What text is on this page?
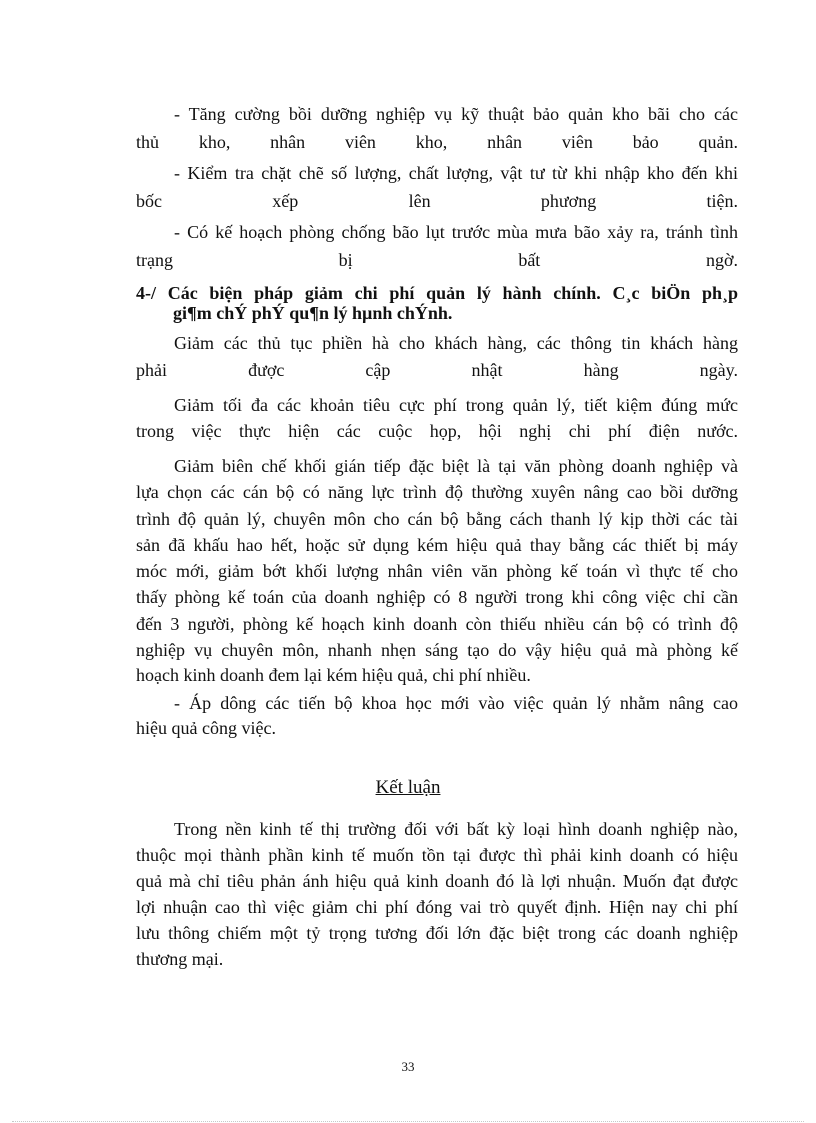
- Tăng cường bồi dưỡng nghiệp vụ kỹ thuật bảo quản kho bãi cho các
thủ kho, nhân viên kho, nhân viên bảo quản.
- Kiểm tra chặt chẽ số lượng, chất lượng, vật tư từ khi nhập kho đến khi
bốc xếp lên phương tiện.
- Có kế hoạch phòng chống bão lụt trước mùa mưa bão xảy ra, tránh tình
trạng bị bất ngờ.
4-/ Các biện pháp giảm chi phí quản lý hành chính. C¸c biÖn ph¸p
gi¶m chÝ phÝ qu¶n lý hµnh chÝnh.
Giảm các thủ tục phiền hà cho khách hàng, các thông tin khách hàng
phải được cập nhật hàng ngày.
Giảm tối đa các khoản tiêu cực phí trong quản lý, tiết kiệm đúng mức
trong việc thực hiện các cuộc họp, hội nghị chi phí điện nước.
Giảm biên chế khối gián tiếp đặc biệt là tại văn phòng doanh nghiệp và
lựa chọn các cán bộ có năng lực trình độ thường xuyên nâng cao bồi dưỡng
trình độ quản lý, chuyên môn cho cán bộ bằng cách thanh lý kịp thời các tài
sản đã khấu hao hết, hoặc sử dụng kém hiệu quả thay bằng các thiết bị máy
móc mới, giảm bớt khối lượng nhân viên văn phòng kế toán vì thực tế cho
thấy phòng kế toán của doanh nghiệp có 8 người trong khi công việc chỉ cần
đến 3 người, phòng kế hoạch kinh doanh còn thiếu nhiều cán bộ có trình độ
nghiệp vụ chuyên môn, nhanh nhẹn sáng tạo do vậy hiệu quả mà phòng kế
hoạch kinh doanh đem lại kém hiệu quả, chi phí nhiều.
- Áp dông các tiến bộ khoa học mới vào việc quản lý nhằm nâng cao
hiệu quả công việc.
Kết luận
Trong nền kinh tế thị trường đối với bất kỳ loại hình doanh nghiệp nào,
thuộc mọi thành phần kinh tế muốn tồn tại được thì phải kinh doanh có hiệu
quả mà chỉ tiêu phản ánh hiệu quả kinh doanh đó là lợi nhuận. Muốn đạt được
lợi nhuận cao thì việc giảm chi phí đóng vai trò quyết định. Hiện nay chi phí
lưu thông chiếm một tỷ trọng tương đối lớn đặc biệt trong các doanh nghiệp
thương mại.
33
